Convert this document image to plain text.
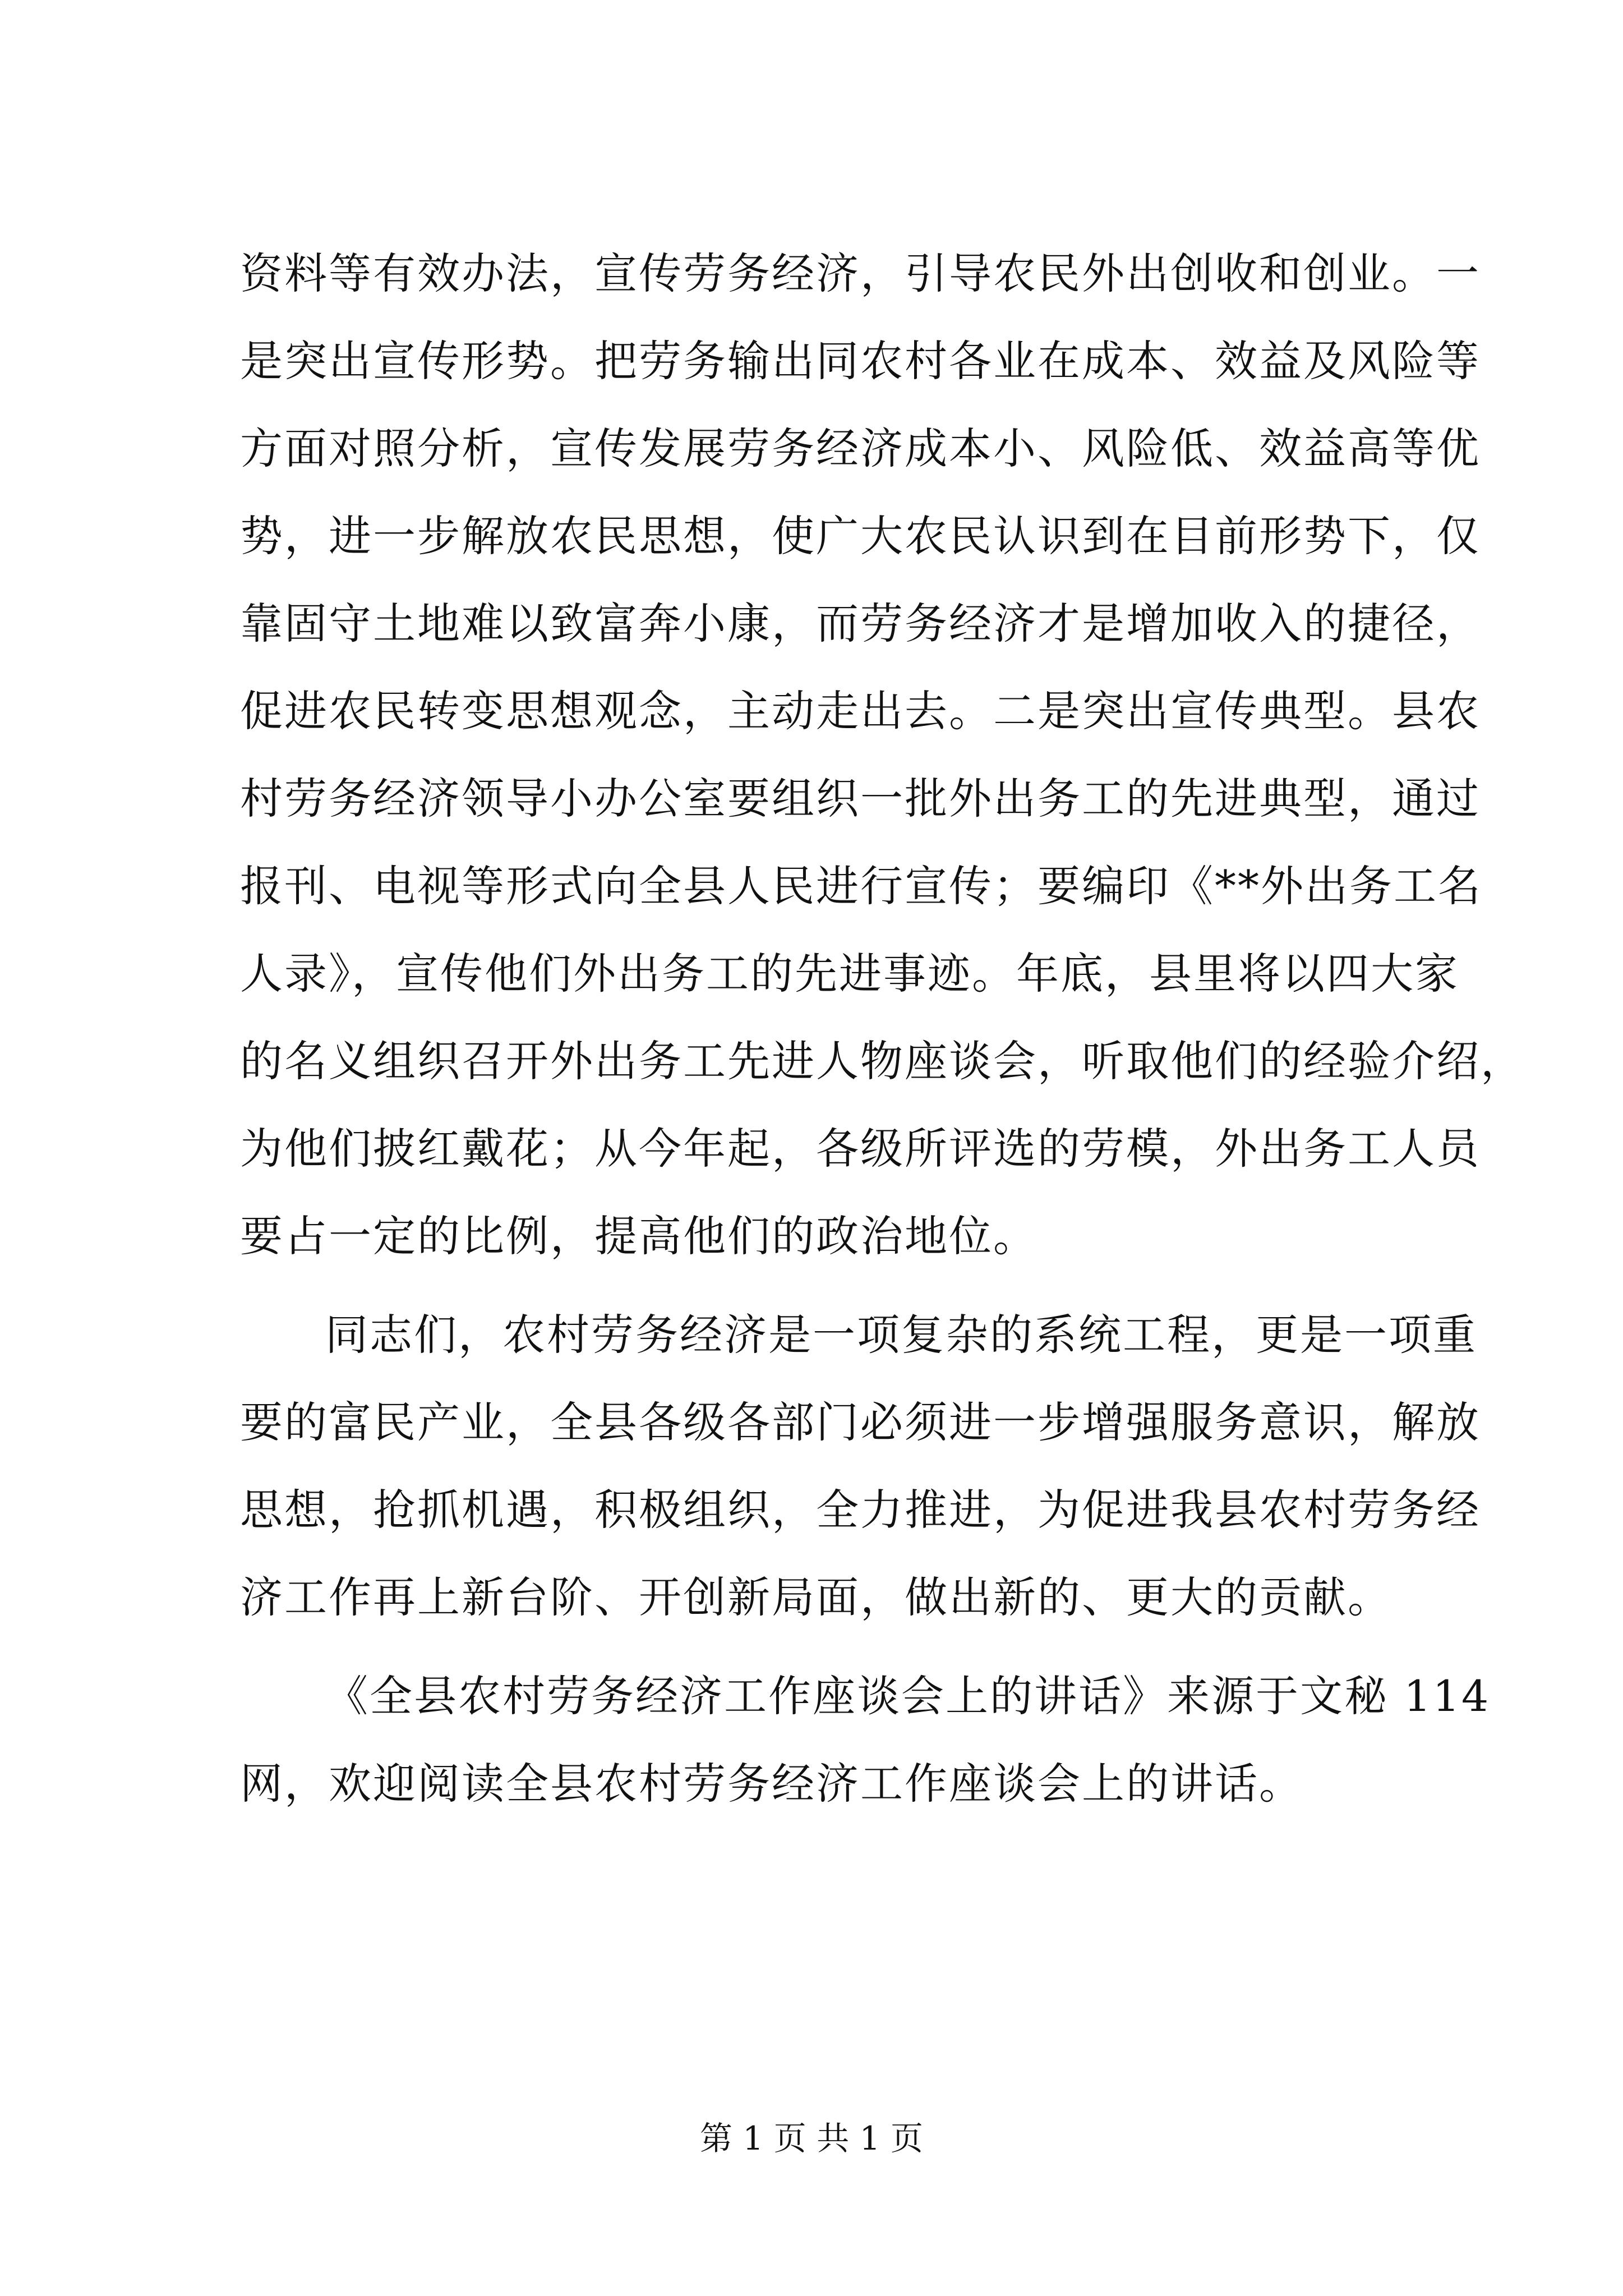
资料等有效办法，宣传劳务经济，引导农民外出创收和创业。一
是突出宣传形势。把劳务输出同农村各业在成本、效益及风险等
方面对照分析，宣传发展劳务经济成本小、风险低、效益高等优
势，进一步解放农民思想，使广大农民认识到在目前形势下，仅
靠固守土地难以致富奔小康，而劳务经济才是增加收入的捷径，
促进农民转变思想观念，主动走出去。二是突出宣传典型。县农
村劳务经济领导小办公室要组织一批外出务工的先进典型，通过
报刊、电视等形式向全县人民进行宣传；要编印《**外出务工名
人录》，宣传他们外出务工的先进事迹。年底，县里将以四大家
的名义组织召开外出务工先进人物座谈会，听取他们的经验介绍，
为他们披红戴花；从今年起，各级所评选的劳模，外出务工人员
要占一定的比例，提高他们的政治地位。
同志们，农村劳务经济是一项复杂的系统工程，更是一项重
要的富民产业，全县各级各部门必须进一步增强服务意识，解放
思想，抢抓机遇，积极组织，全力推进，为促进我县农村劳务经
济工作再上新台阶、开创新局面，做出新的、更大的贡献。
《全县农村劳务经济工作座谈会上的讲话》来源于文秘 114
网，欢迎阅读全县农村劳务经济工作座谈会上的讲话。
第 1 页 共 1 页
